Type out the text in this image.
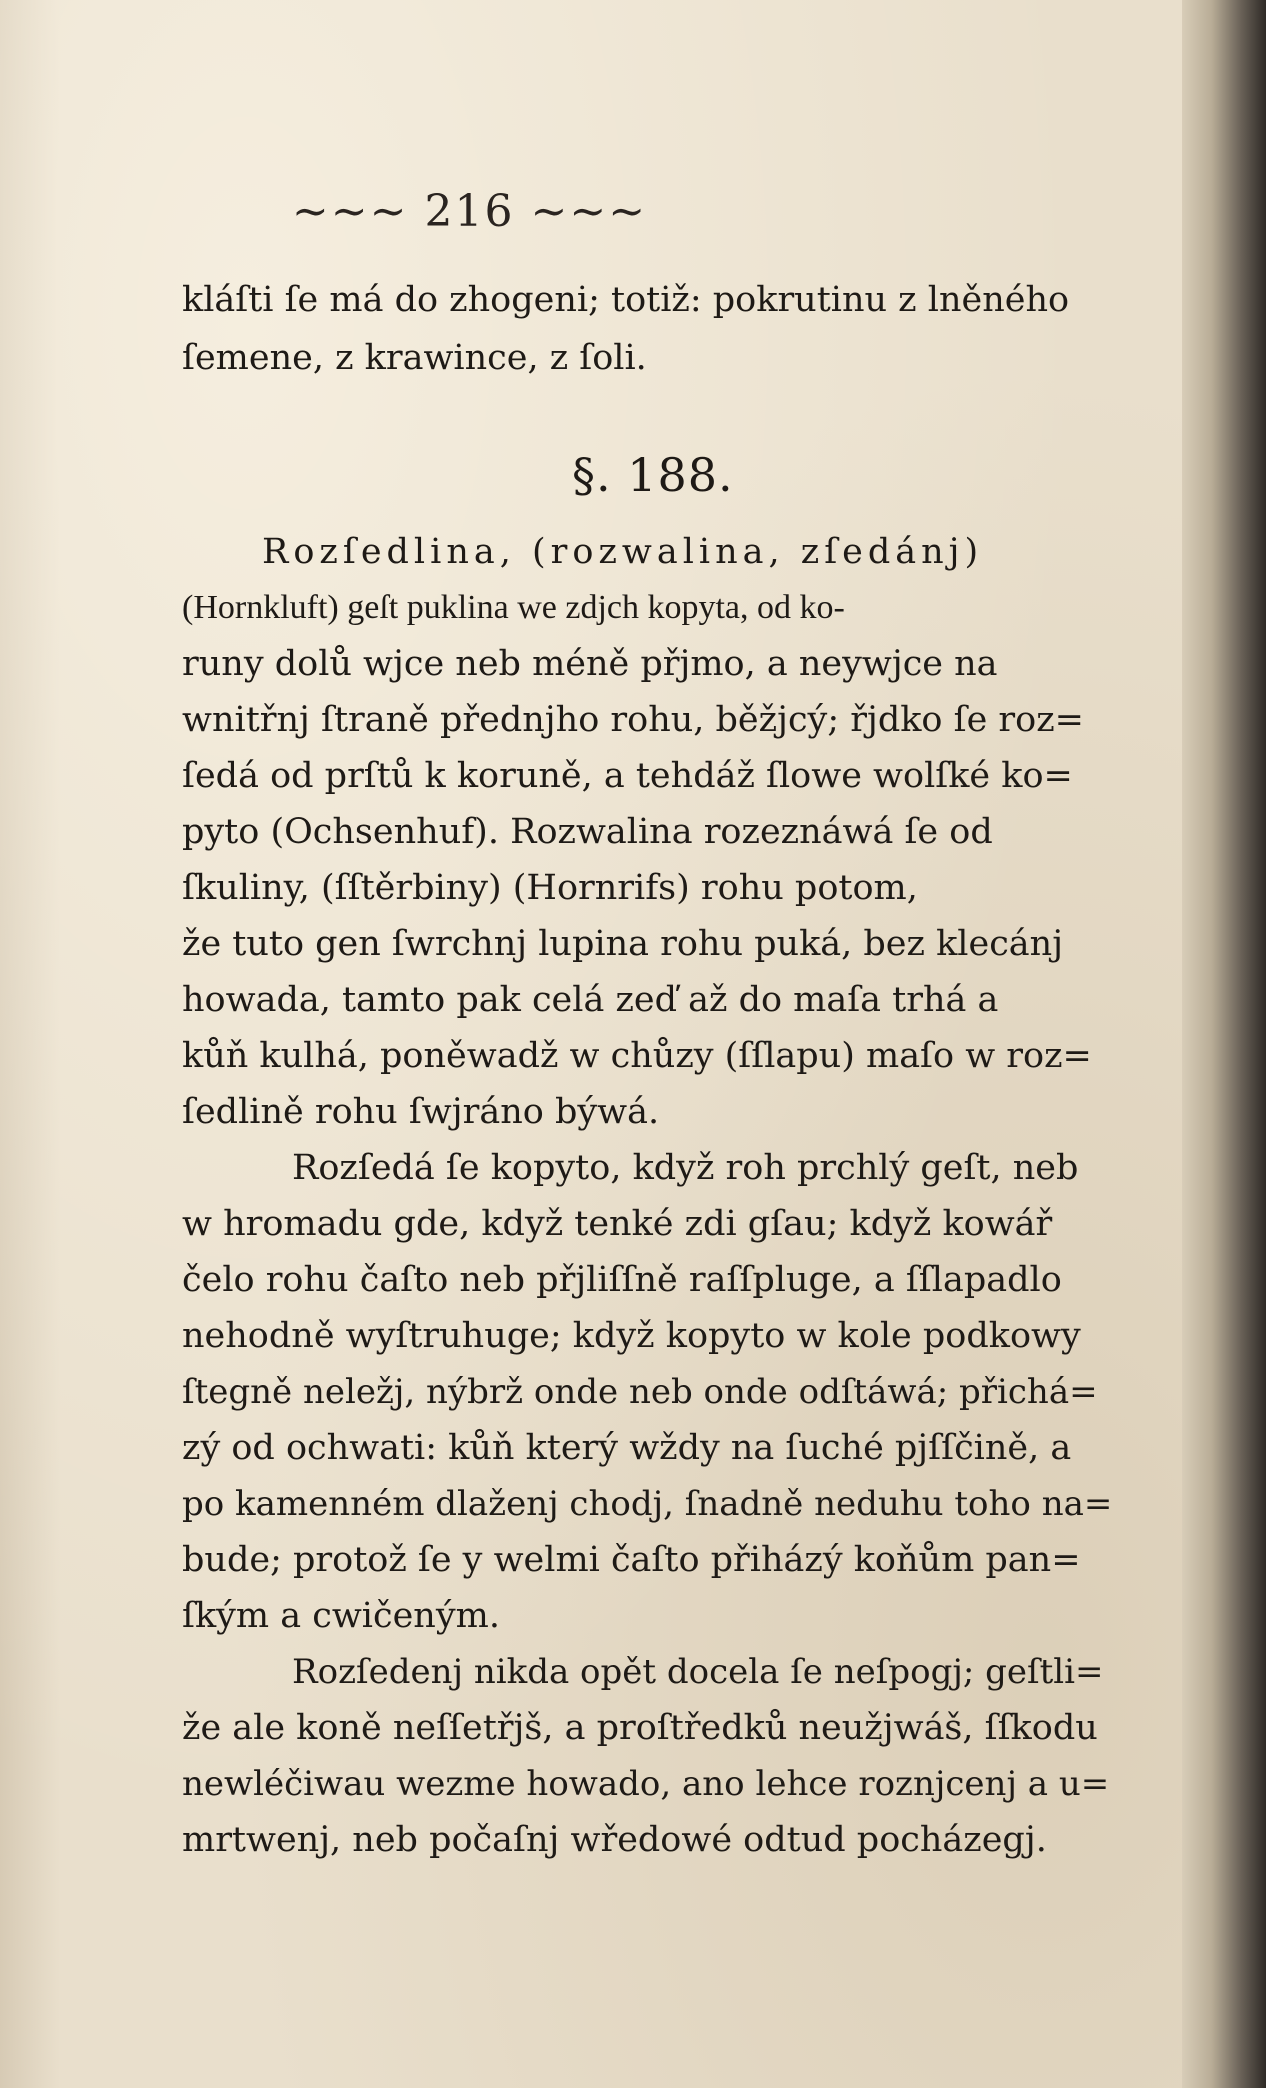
~~~ 216 ~~~
kláſti ſe má do zhogeni; totiž: pokrutinu z lněného
ſemene, z krawince, z ſoli.
§. 188.
Rozſedlina, (rozwalina, zſedánj)
(Hornkluft) geſt puklina we zdjch kopyta, od ko-
runy dolů wjce neb méně přjmo, a neywjce na
wnitřnj ſtraně přednjho rohu, běžjcý; řjdko ſe roz=
ſedá od prſtů k koruně, a tehdáž ſlowe wolſké ko=
pyto (Ochsenhuf). Rozwalina rozeznáwá ſe od
ſkuliny, (ſſtěrbiny) (Hornrifs) rohu potom,
že tuto gen ſwrchnj lupina rohu puká, bez klecánj
howada, tamto pak celá zeď až do maſa trhá a
kůň kulhá, poněwadž w chůzy (ſſlapu) maſo w roz=
ſedlině rohu ſwjráno býwá.
Rozſedá ſe kopyto, když roh prchlý geſt, neb
w hromadu gde, když tenké zdi gſau; když kowář
čelo rohu čaſto neb přjliſſně raſſpluge, a ſſlapadlo
nehodně wyſtruhuge; když kopyto w kole podkowy
ſtegně neležj, nýbrž onde neb onde odſtáwá; přichá=
zý od ochwati: kůň který wždy na ſuché pjſſčině, a
po kamenném dlaženj chodj, ſnadně neduhu toho na=
bude; protož ſe y welmi čaſto přiházý koňům pan=
ſkým a cwičeným.
Rozſedenj nikda opět docela ſe neſpogj; geſtli=
že ale koně neſſetřjš, a proſtředků neužjwáš, ſſkodu
newléčiwau wezme howado, ano lehce roznjcenj a u=
mrtwenj, neb počaſnj wředowé odtud pocházegj.
